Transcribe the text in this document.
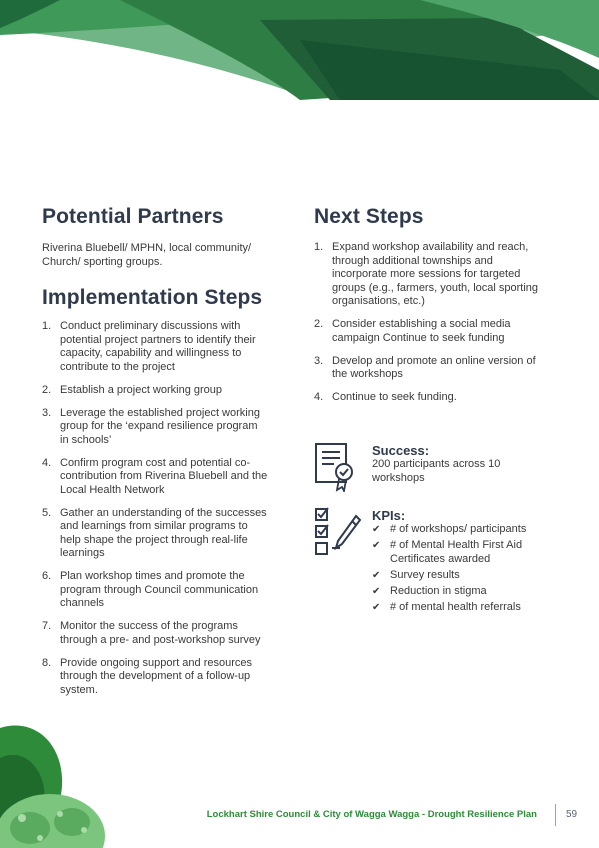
Potential Partners

Riverina Bluebell/ MPHN, local community/ Church/ sporting groups.

Implementation Steps
1. Conduct preliminary discussions with
potential project partners to identify their
capacity, capability and willingness to
contribute to the project
2. Establish a project working group
3. Leverage the established project working
group for the ‘expand resilience program
in schools’
4. Confirm program cost and potential co-
contribution from Riverina Bluebell and the
Local Health Network
5. Gather an understanding of the successes
and learnings from similar programs to
help shape the project through real-life
learnings
6. Plan workshop times and promote the
program through Council communication
channels
7. Monitor the success of the programs
through a pre- and post-workshop survey
8. Provide ongoing support and resources
through the development of a follow-up
system.
Next Steps
1. Expand workshop availability and reach,
through additional townships and
incorporate more sessions for targeted
groups (e.g., farmers, youth, local sporting
organisations, etc.)
2. Consider establishing a social media
campaign Continue to seek funding
3. Develop and promote an online version of
the workshops
4. Continue to seek funding.

Success:

200 participants across 10
workshops

KPIs:

✔ # of workshops/ participants
✔ # of Mental Health First Aid
Certificates awarded
✔ Survey results
✔ Reduction in stigma
✔ # of mental health referrals
Lockhart Shire Council & City of Wagga Wagga - Drought Resilience Plan	59
